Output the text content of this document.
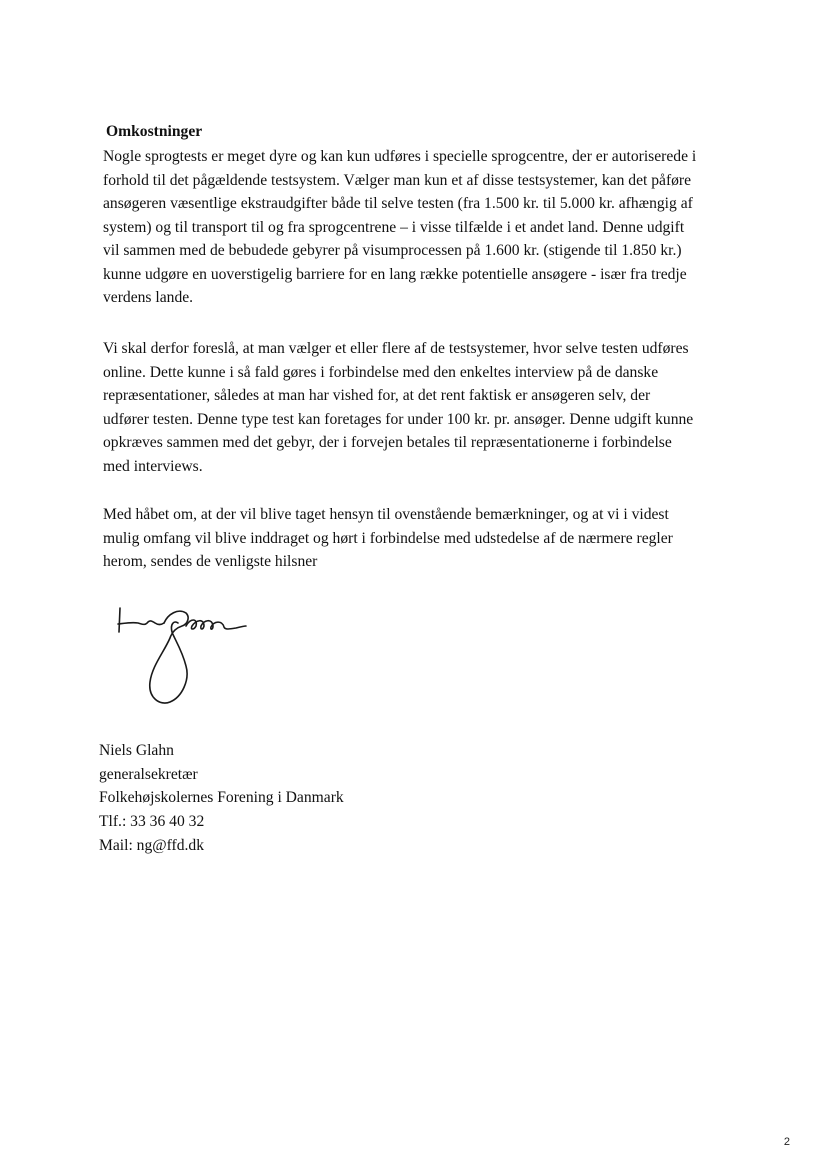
Omkostninger

Nogle sprogtests er meget dyre og kan kun udføres i specielle sprogcentre, der er autoriserede i
forhold til det pågældende testsystem. Vælger man kun et af disse testsystemer, kan det påføre
ansøgeren væsentlige ekstraudgifter både til selve testen (fra 1.500 kr. til 5.000 kr. afhængig af
system) og til transport til og fra sprogcentrene – i visse tilfælde i et andet land. Denne udgift
vil sammen med de bebudede gebyrer på visumprocessen på 1.600 kr. (stigende til 1.850 kr.)
kunne udgøre en uoverstigelig barriere for en lang række potentielle ansøgere - især fra tredje
verdens lande.

Vi skal derfor foreslå, at man vælger et eller flere af de testsystemer, hvor selve testen udføres
online. Dette kunne i så fald gøres i forbindelse med den enkeltes interview på de danske
repræsentationer, således at man har vished for, at det rent faktisk er ansøgeren selv, der
udfører testen. Denne type test kan foretages for under 100 kr. pr. ansøger. Denne udgift kunne
opkræves sammen med det gebyr, der i forvejen betales til repræsentationerne i forbindelse
med interviews.

Med håbet om, at der vil blive taget hensyn til ovenstående bemærkninger, og at vi i videst
mulig omfang vil blive inddraget og hørt i forbindelse med udstedelse af de nærmere regler
herom, sendes de venligste hilsner

Niels Glahn
generalsekretær
Folkehøjskolernes Forening i Danmark
Tlf.: 33 36 40 32
Mail: ng@ffd.dk
2
